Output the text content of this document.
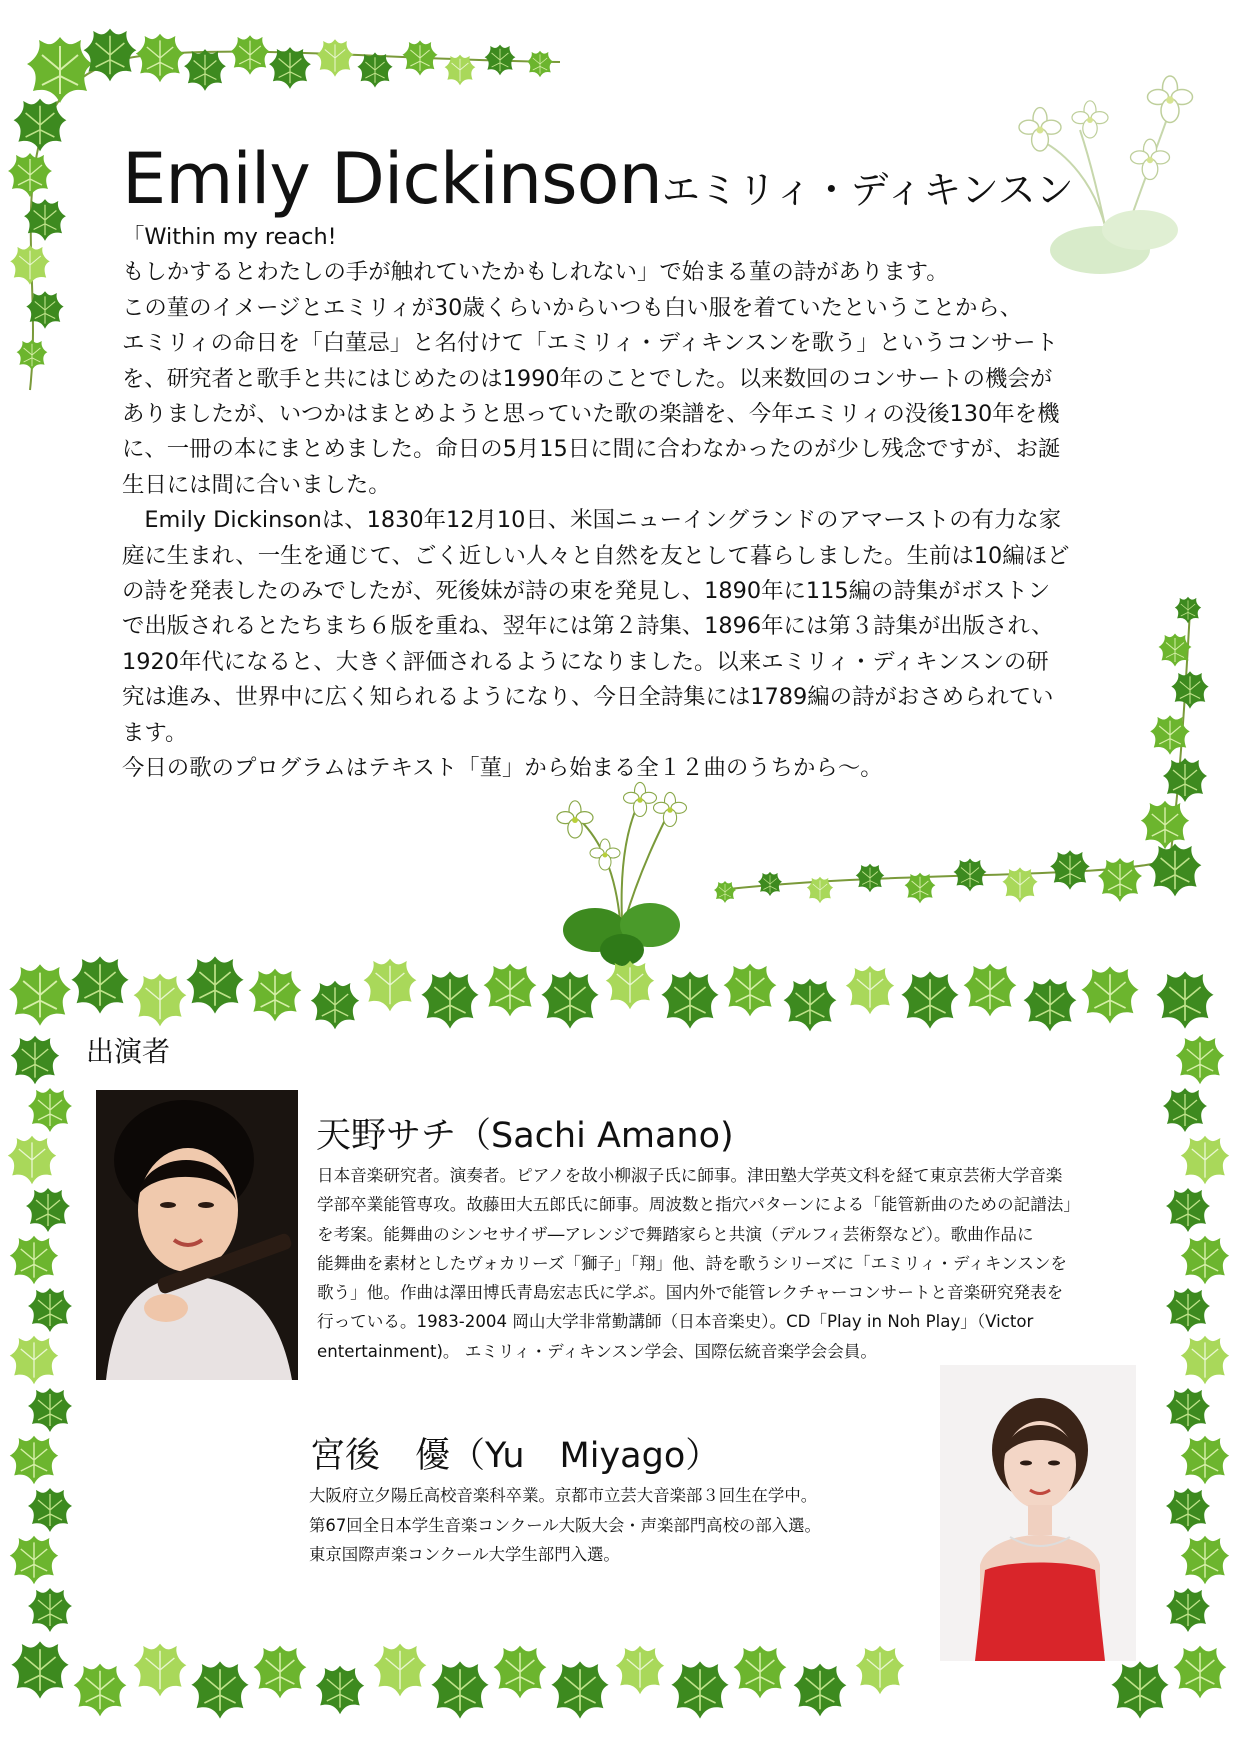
Emily Dickinsonエミリィ・ディキンスン

「Within my reach!

もしかするとわたしの手が触れていたかもしれない」で始まる菫の詩があります。

この菫のイメージとエミリィが30歳くらいからいつも白い服を着ていたということから、

エミリィの命日を「白菫忌」と名付けて「エミリィ・ディキンスンを歌う」というコンサート

を、研究者と歌手と共にはじめたのは1990年のことでした。以来数回のコンサートの機会が

ありましたが、いつかはまとめようと思っていた歌の楽譜を、今年エミリィの没後130年を機

に、一冊の本にまとめました。命日の5月15日に間に合わなかったのが少し残念ですが、お誕

生日には間に合いました。

　Emily Dickinsonは、1830年12月10日、米国ニューイングランドのアマーストの有力な家

庭に生まれ、一生を通じて、ごく近しい人々と自然を友として暮らしました。生前は10編ほど

の詩を発表したのみでしたが、死後妹が詩の束を発見し、1890年に115編の詩集がボストン

で出版されるとたちまち６版を重ね、翌年には第２詩集、1896年には第３詩集が出版され、

1920年代になると、大きく評価されるようになりました。以来エミリィ・ディキンスンの研

究は進み、世界中に広く知られるようになり、今日全詩集には1789編の詩がおさめられてい

ます。

今日の歌のプログラムはテキスト「菫」から始まる全１２曲のうちから〜。

出演者
天野サチ（Sachi Amano)

日本音楽研究者。演奏者。ピアノを故小柳淑子氏に師事。津田塾大学英文科を経て東京芸術大学音楽

学部卒業能管専攻。故藤田大五郎氏に師事。周波数と指穴パターンによる「能管新曲のための記譜法」

を考案。能舞曲のシンセサイザ―アレンジで舞踏家らと共演（デルフィ芸術祭など）。歌曲作品に

能舞曲を素材としたヴォカリーズ「獅子」「翔」他、詩を歌うシリーズに「エミリィ・ディキンスンを

歌う」他。作曲は澤田博氏青島宏志氏に学ぶ。国内外で能管レクチャーコンサートと音楽研究発表を

行っている。1983-2004 岡山大学非常勤講師（日本音楽史）。CD「Play in Noh Play」（Victor

entertainment)。 エミリィ・ディキンスン学会、国際伝統音楽学会会員。

宮後　優（Yu　Miyago）

大阪府立夕陽丘高校音楽科卒業。京都市立芸大音楽部３回生在学中。

第67回全日本学生音楽コンクール大阪大会・声楽部門高校の部入選。

東京国際声楽コンクール大学生部門入選。
